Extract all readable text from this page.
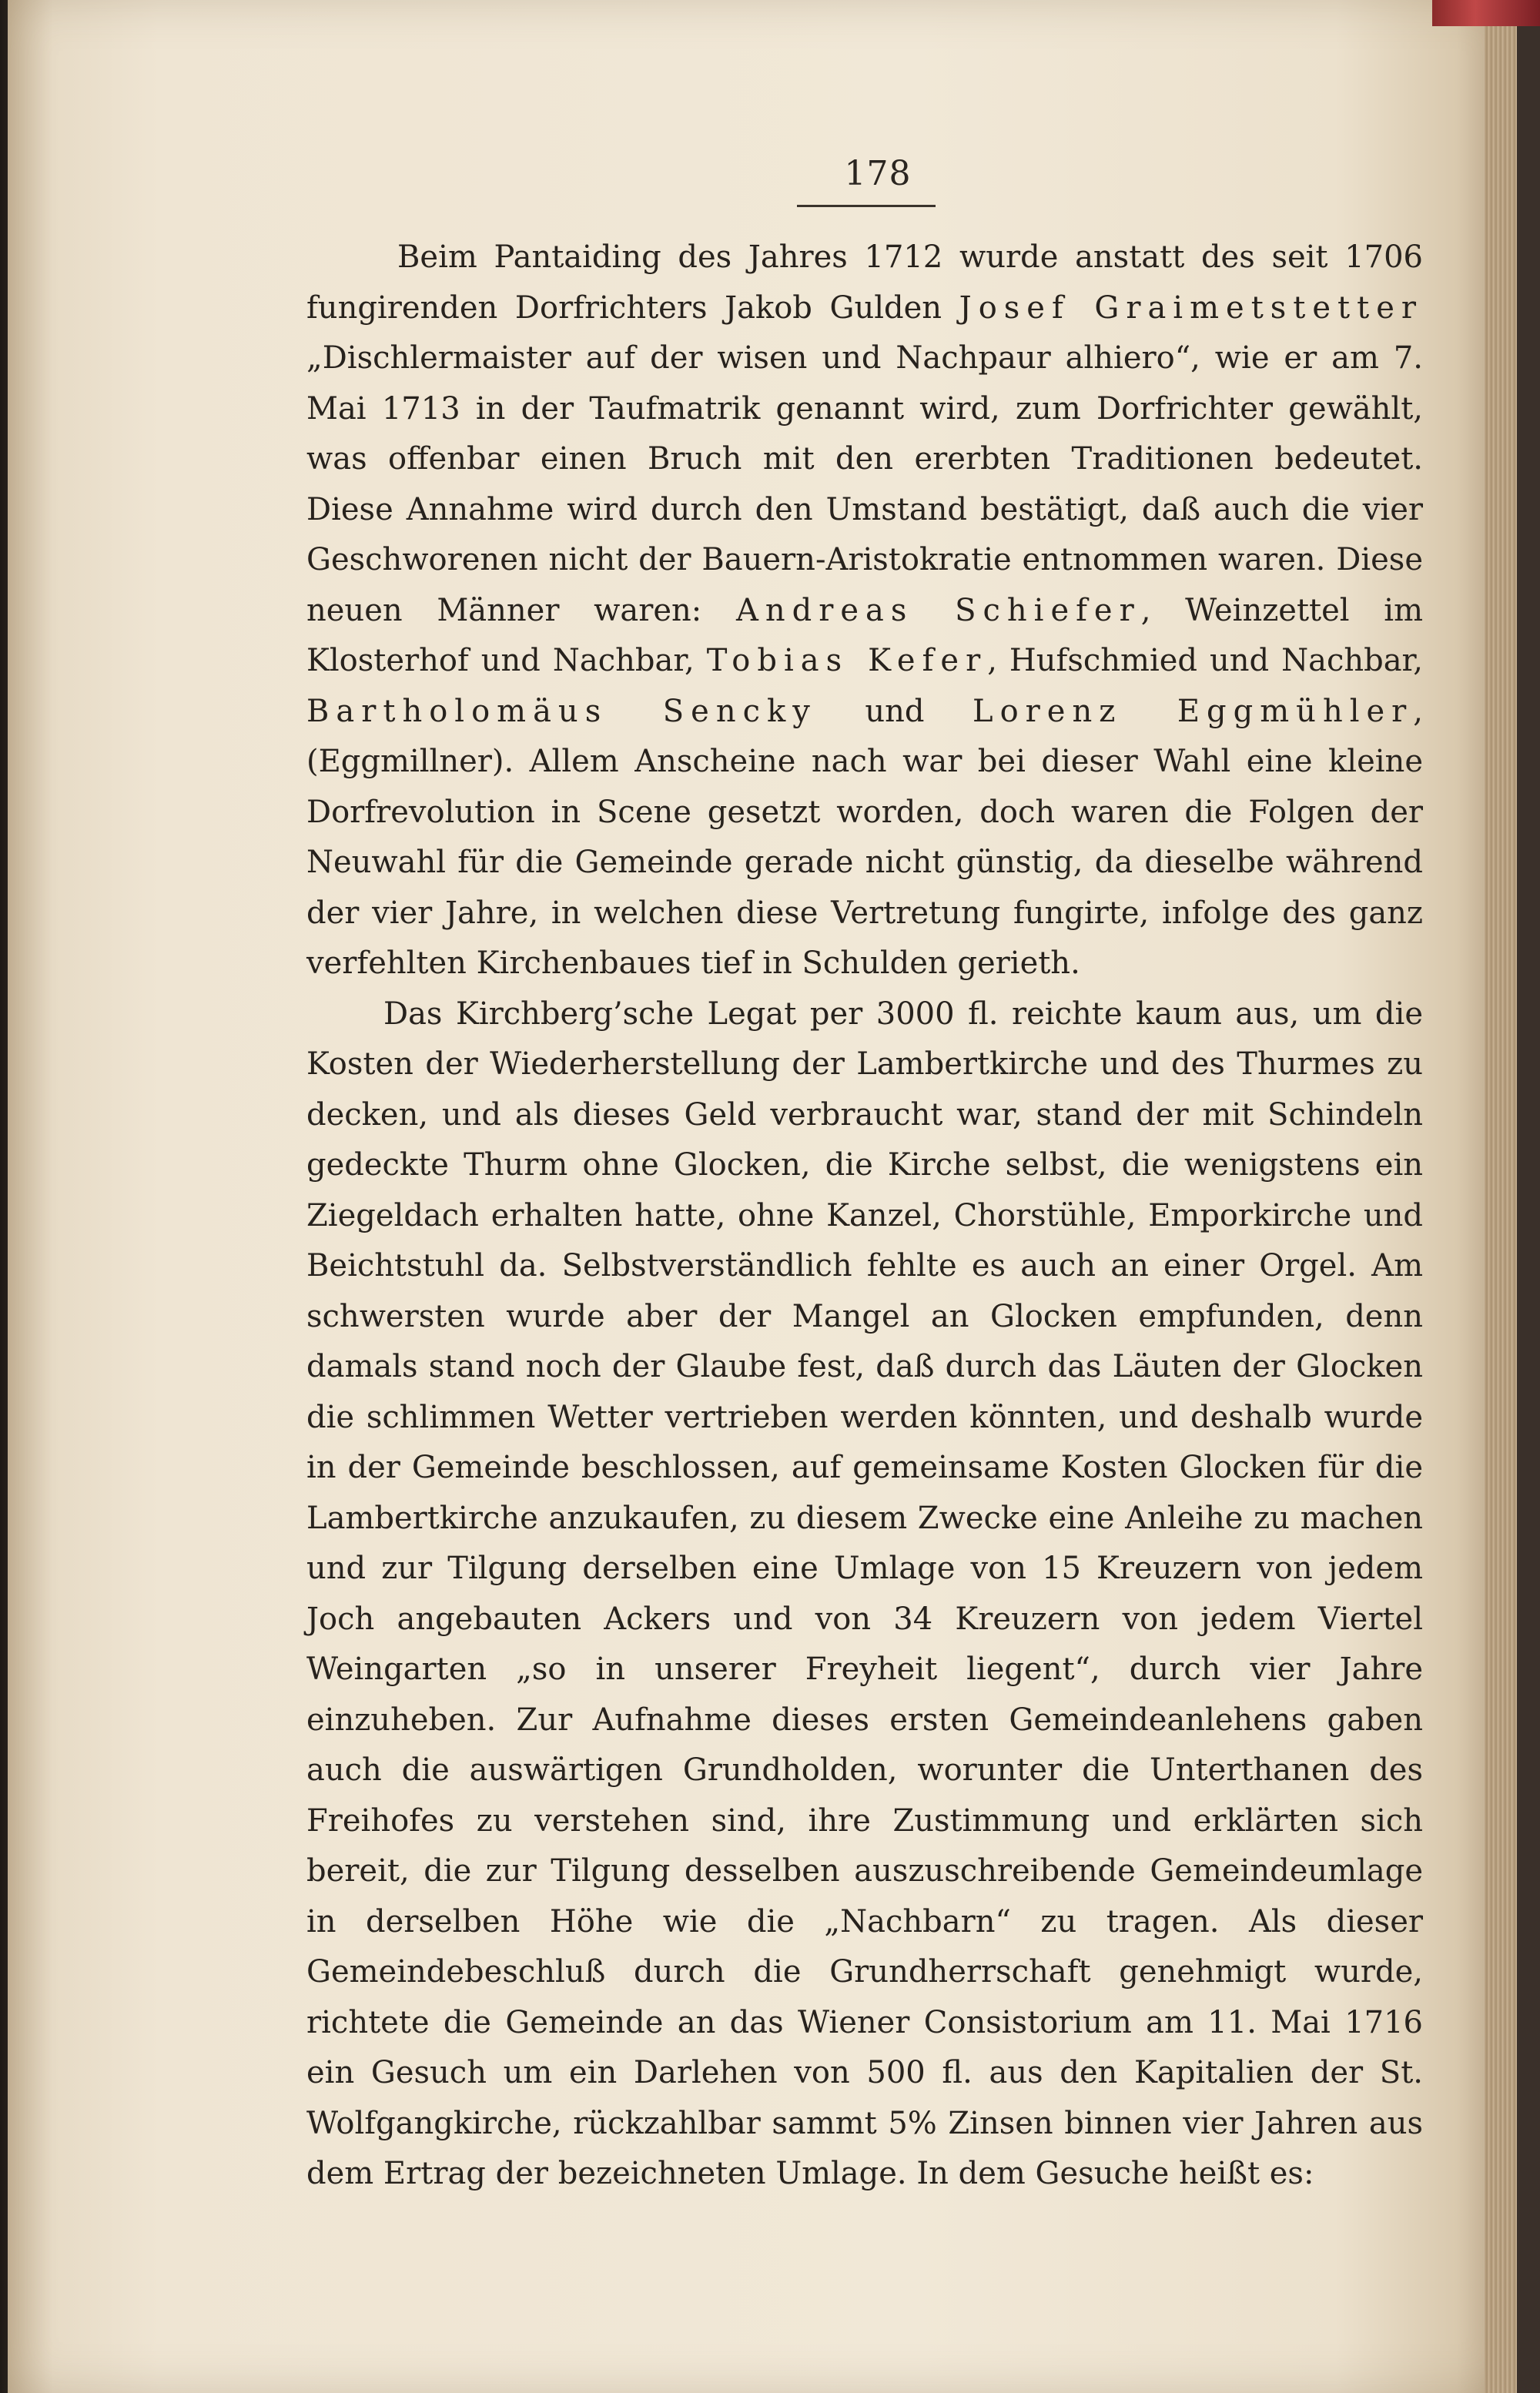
178

Beim Pantaiding des Jahres 1712 wurde anstatt des seit 1706 fungirenden Dorfrichters Jakob Gulden Josef Graimetstetter „Dischlermaister auf der wisen und Nachpaur alhiero“, wie er am 7. Mai 1713 in der Taufmatrik genannt wird, zum Dorfrichter gewählt, was offenbar einen Bruch mit den ererbten Traditionen bedeutet. Diese Annahme wird durch den Umstand bestätigt, daß auch die vier Geschworenen nicht der Bauern-Aristokratie entnommen waren. Diese neuen Männer waren: Andreas Schiefer, Weinzettel im Klosterhof und Nachbar, Tobias Kefer, Hufschmied und Nachbar, Bartholomäus Sencky und Lorenz Eggmühler, (Eggmillner). Allem Anscheine nach war bei dieser Wahl eine kleine Dorfrevolution in Scene gesetzt worden, doch waren die Folgen der Neuwahl für die Gemeinde gerade nicht günstig, da dieselbe während der vier Jahre, in welchen diese Vertretung fungirte, infolge des ganz verfehlten Kirchenbaues tief in Schulden gerieth.

Das Kirchberg’sche Legat per 3000 fl. reichte kaum aus, um die Kosten der Wiederherstellung der Lambertkirche und des Thurmes zu decken, und als dieses Geld verbraucht war, stand der mit Schindeln gedeckte Thurm ohne Glocken, die Kirche selbst, die wenigstens ein Ziegeldach erhalten hatte, ohne Kanzel, Chorstühle, Emporkirche und Beichtstuhl da. Selbstverständlich fehlte es auch an einer Orgel. Am schwersten wurde aber der Mangel an Glocken empfunden, denn damals stand noch der Glaube fest, daß durch das Läuten der Glocken die schlimmen Wetter vertrieben werden könnten, und deshalb wurde in der Gemeinde beschlossen, auf gemeinsame Kosten Glocken für die Lambertkirche anzukaufen, zu diesem Zwecke eine Anleihe zu machen und zur Tilgung derselben eine Umlage von 15 Kreuzern von jedem Joch angebauten Ackers und von 34 Kreuzern von jedem Viertel Weingarten „so in unserer Freyheit liegent“, durch vier Jahre einzuheben. Zur Aufnahme dieses ersten Gemeindeanlehens gaben auch die auswärtigen Grundholden, worunter die Unterthanen des Freihofes zu verstehen sind, ihre Zustimmung und erklärten sich bereit, die zur Tilgung desselben auszuschreibende Gemeindeumlage in derselben Höhe wie die „Nachbarn“ zu tragen. Als dieser Gemeindebeschluß durch die Grundherrschaft genehmigt wurde, richtete die Gemeinde an das Wiener Consistorium am 11. Mai 1716 ein Gesuch um ein Darlehen von 500 fl. aus den Kapitalien der St. Wolfgangkirche, rückzahlbar sammt 5% Zinsen binnen vier Jahren aus dem Ertrag der bezeichneten Umlage. In dem Gesuche heißt es:
